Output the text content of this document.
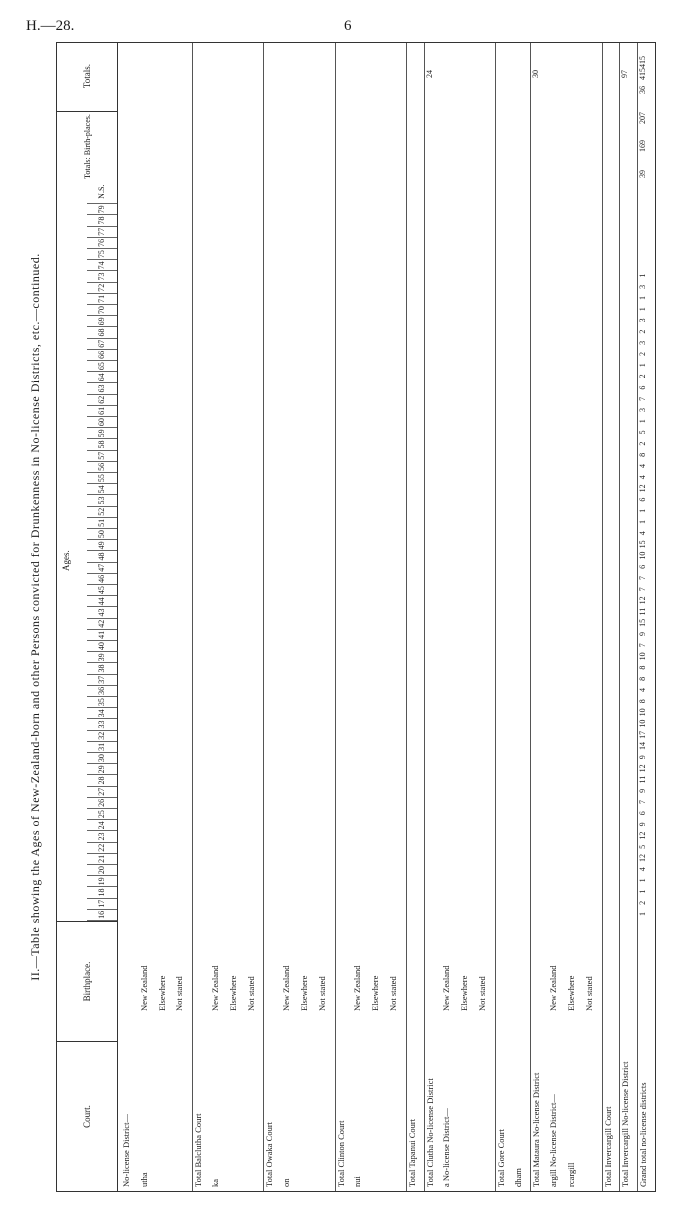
H.—28.	6
II.—Table showing the Ages of New-Zealand-born and other Persons convicted for Drunkenness in No-license Districts, etc.—continued.
Court.
Birthplace.
Ages.
Totals: Birth-places.
Totals.
16
17
18
19
20
21
22
23
24
25
26
27
28
29
30
31
32
33
34
35
36
37
38
39
40
41
42
43
44
45
46
47
48
49
50
51
52
53
54
55
56
57
58
59
60
61
62
63
64
65
66
67
68
69
70
71
72
73
74
75
76
77
78
79
N.S.
No-license District— utha
New Zealand Elsewhere Not stated
Total Balclutha Court ka
New Zealand Elsewhere Not stated
Total Owaka Court on
New Zealand Elsewhere Not stated
Total Clinton Court nui
New Zealand Elsewhere Not stated
Total Tapanui Court Total Clutha No-license District
24
a No-license District—
New Zealand Elsewhere Not stated
Total Gore Court dham Total Mataura No-license District
30
argill No-license District—
New Zealand
rcargill
Elsewhere Not stated
Total Invercargill Court Total Invercargill No-license District
97
Grand total no-license districts
415
1
2
1
1
4
12
5
12
9
6
7
9
11
12
9
14
17
10
10
8
4
8
8
10
7
9
15
11
12
7
7
6
10
15
4
1
1
6
12
4
4
8
2
5
1
3
7
6
2
1
2
3
2
3
1
1
3
1
39
169
207
36
415
